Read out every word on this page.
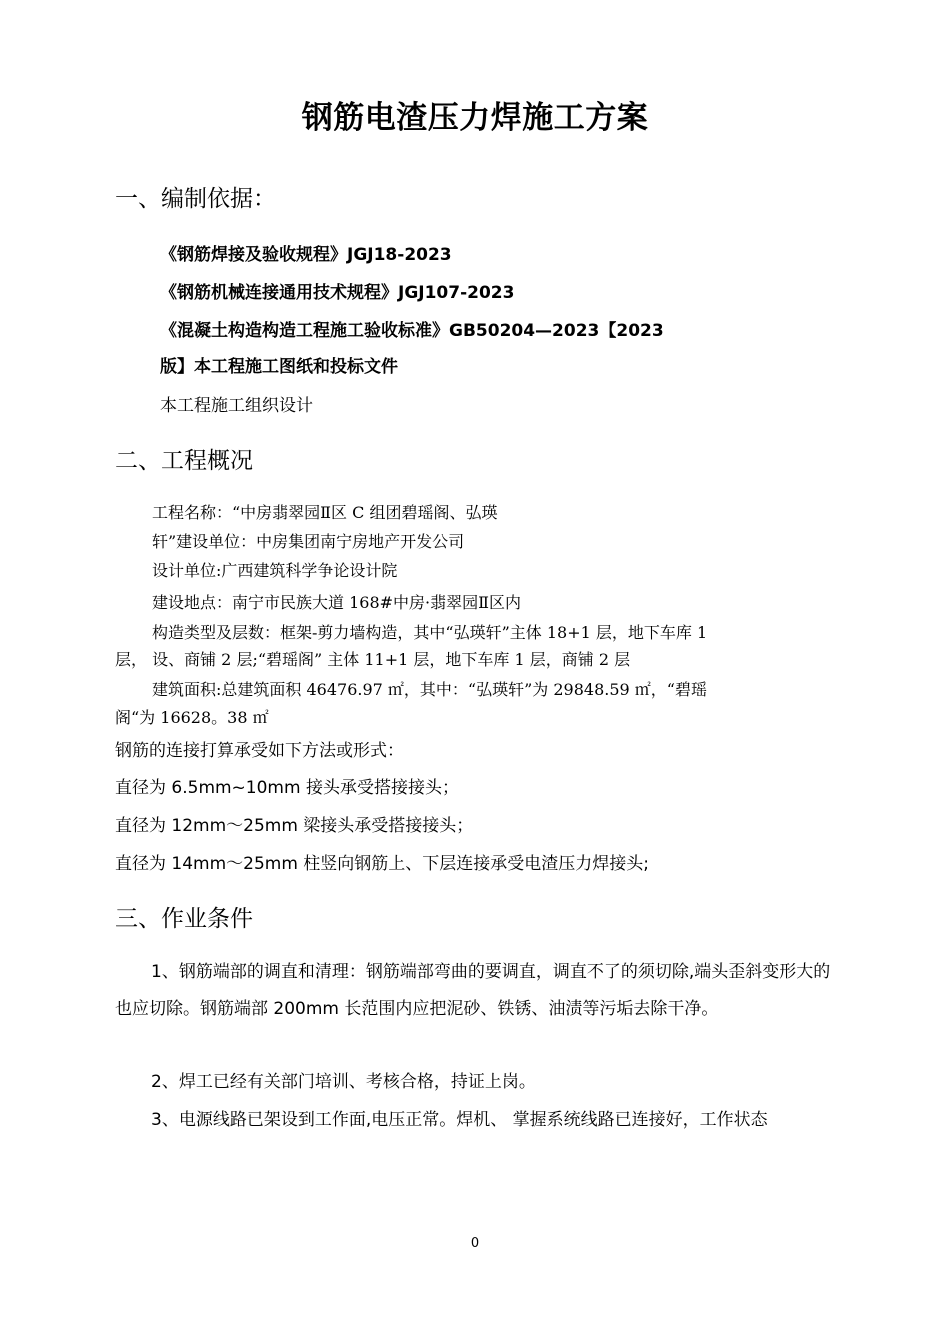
钢筋电渣压力焊施工方案
一、编制依据：
《钢筋焊接及验收规程》JGJ18-2023
《钢筋机械连接通用技术规程》JGJ107-2023
《混凝土构造构造工程施工验收标准》GB50204—2023【2023
版】本工程施工图纸和投标文件
本工程施工组织设计
二、工程概况
工程名称：“中房翡翠园Ⅱ区 C 组团碧瑶阁、弘瑛
轩”建设单位：中房集团南宁房地产开发公司
设计单位:广西建筑科学争论设计院
建设地点：南宁市民族大道 168#中房·翡翠园Ⅱ区内
构造类型及层数：框架-剪力墙构造，其中“弘瑛轩”主体 18+1 层，地下车库 1
层， 设、商铺 2 层;“碧瑶阁” 主体 11+1 层，地下车库 1 层，商铺 2 层
建筑面积:总建筑面积 46476.97 ㎡，其中：“弘瑛轩”为 29848.59 ㎡，“碧瑶
阁“为 16628。38 ㎡
钢筋的连接打算承受如下方法或形式：
直径为 6.5mm~10mm 接头承受搭接接头；
直径为 12mm～25mm 梁接头承受搭接接头；
直径为 14mm～25mm 柱竖向钢筋上、下层连接承受电渣压力焊接头;
三、作业条件
1、钢筋端部的调直和清理：钢筋端部弯曲的要调直，调直不了的须切除,端头歪斜变形大的也应切除。钢筋端部 200mm 长范围内应把泥砂、铁锈、油渍等污垢去除干净。
2、焊工已经有关部门培训、考核合格，持证上岗。
3、电源线路已架设到工作面,电压正常。焊机、 掌握系统线路已连接好，工作状态
0
